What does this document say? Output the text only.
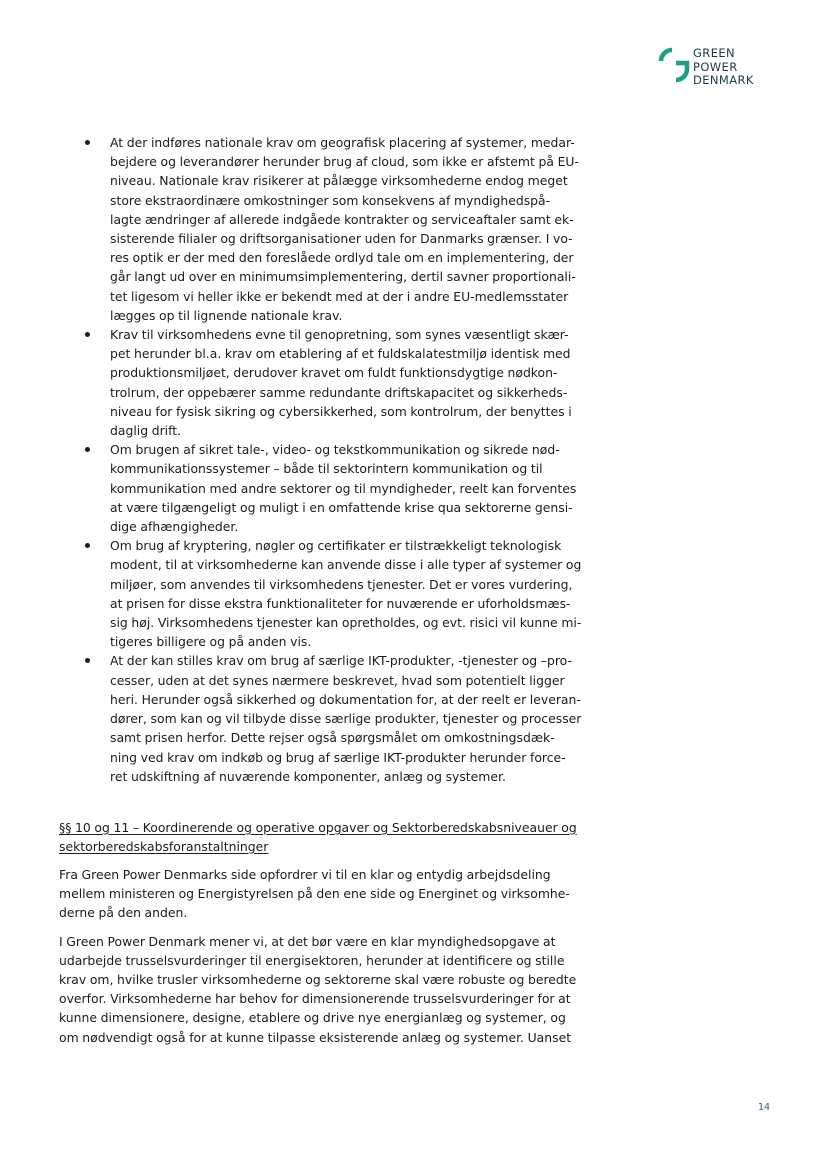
GREEN
POWER
DENMARK
At der indføres nationale krav om geografisk placering af systemer, medar-
bejdere og leverandører herunder brug af cloud, som ikke er afstemt på EU-
niveau. Nationale krav risikerer at pålægge virksomhederne endog meget
store ekstraordinære omkostninger som konsekvens af myndighedspå-
lagte ændringer af allerede indgåede kontrakter og serviceaftaler samt ek-
sisterende filialer og driftsorganisationer uden for Danmarks grænser. I vo-
res optik er der med den foreslåede ordlyd tale om en implementering, der
går langt ud over en minimumsimplementering, dertil savner proportionali-
tet ligesom vi heller ikke er bekendt med at der i andre EU-medlemsstater
lægges op til lignende nationale krav.
Krav til virksomhedens evne til genopretning, som synes væsentligt skær-
pet herunder bl.a. krav om etablering af et fuldskalatestmiljø identisk med
produktionsmiljøet, derudover kravet om fuldt funktionsdygtige nødkon-
trolrum, der oppebærer samme redundante driftskapacitet og sikkerheds-
niveau for fysisk sikring og cybersikkerhed, som kontrolrum, der benyttes i
daglig drift.
Om brugen af sikret tale-, video- og tekstkommunikation og sikrede nød-
kommunikationssystemer – både til sektorintern kommunikation og til
kommunikation med andre sektorer og til myndigheder, reelt kan forventes
at være tilgængeligt og muligt i en omfattende krise qua sektorerne gensi-
dige afhængigheder.
Om brug af kryptering, nøgler og certifikater er tilstrækkeligt teknologisk
modent, til at virksomhederne kan anvende disse i alle typer af systemer og
miljøer, som anvendes til virksomhedens tjenester. Det er vores vurdering,
at prisen for disse ekstra funktionaliteter for nuværende er uforholdsmæs-
sig høj. Virksomhedens tjenester kan opretholdes, og evt. risici vil kunne mi-
tigeres billigere og på anden vis.
At der kan stilles krav om brug af særlige IKT-produkter, -tjenester og –pro-
cesser, uden at det synes nærmere beskrevet, hvad som potentielt ligger
heri. Herunder også sikkerhed og dokumentation for, at der reelt er leveran-
dører, som kan og vil tilbyde disse særlige produkter, tjenester og processer
samt prisen herfor. Dette rejser også spørgsmålet om omkostningsdæk-
ning ved krav om indkøb og brug af særlige IKT-produkter herunder force-
ret udskiftning af nuværende komponenter, anlæg og systemer.
§§ 10 og 11 – Koordinerende og operative opgaver og Sektorberedskabsniveauer og
sektorberedskabsforanstaltninger

Fra Green Power Denmarks side opfordrer vi til en klar og entydig arbejdsdeling
mellem ministeren og Energistyrelsen på den ene side og Energinet og virksomhe-
derne på den anden.

I Green Power Denmark mener vi, at det bør være en klar myndighedsopgave at
udarbejde trusselsvurderinger til energisektoren, herunder at identificere og stille
krav om, hvilke trusler virksomhederne og sektorerne skal være robuste og beredte
overfor. Virksomhederne har behov for dimensionerende trusselsvurderinger for at
kunne dimensionere, designe, etablere og drive nye energianlæg og systemer, og
om nødvendigt også for at kunne tilpasse eksisterende anlæg og systemer. Uanset

14
